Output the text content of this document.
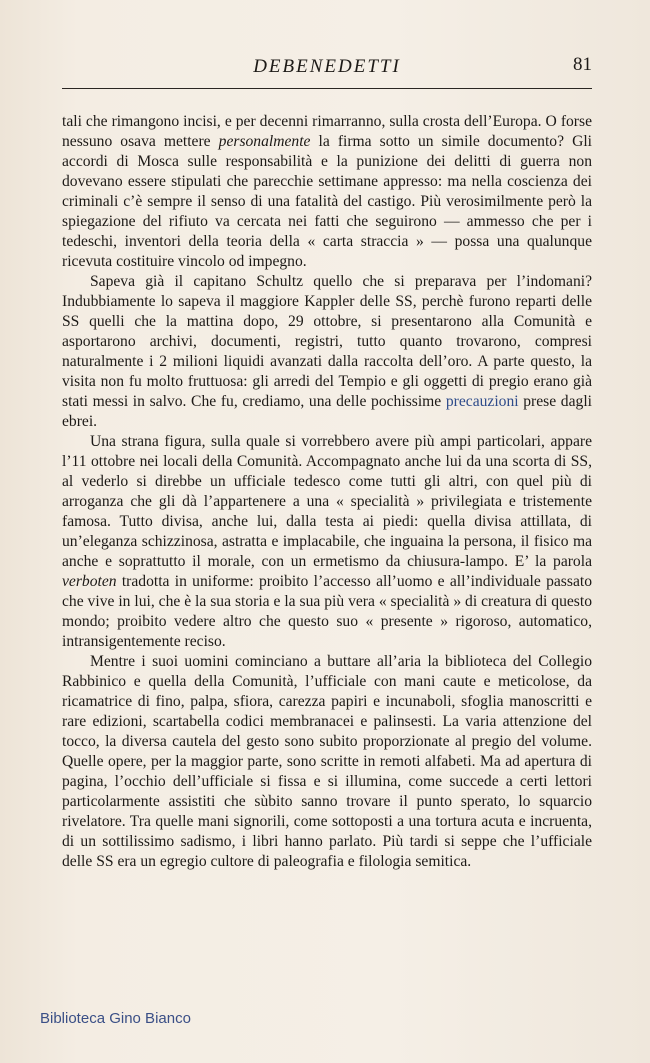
DEBENEDETTI	81

tali che rimangono incisi, e per decenni rimarranno, sulla crosta dell’Europa. O forse nessuno osava mettere personalmente la firma sotto un simile documento? Gli accordi di Mosca sulle responsabilità e la punizione dei delitti di guerra non dovevano essere stipulati che parecchie settimane appresso: ma nella coscienza dei criminali c’è sempre il senso di una fatalità del castigo. Più verosimilmente però la spiegazione del rifiuto va cercata nei fatti che seguirono — ammesso che per i tedeschi, inventori della teoria della « carta straccia » — possa una qualunque ricevuta costituire vincolo od impegno.

Sapeva già il capitano Schultz quello che si preparava per l’indomani? Indubbiamente lo sapeva il maggiore Kappler delle SS, perchè furono reparti delle SS quelli che la mattina dopo, 29 ottobre, si presentarono alla Comunità e asportarono archivi, documenti, registri, tutto quanto trovarono, compresi naturalmente i 2 milioni liquidi avanzati dalla raccolta dell’oro. A parte questo, la visita non fu molto fruttuosa: gli arredi del Tempio e gli oggetti di pregio erano già stati messi in salvo. Che fu, crediamo, una delle pochissime precauzioni prese dagli ebrei.

Una strana figura, sulla quale si vorrebbero avere più ampi particolari, appare l’11 ottobre nei locali della Comunità. Accompagnato anche lui da una scorta di SS, al vederlo si direbbe un ufficiale tedesco come tutti gli altri, con quel più di arroganza che gli dà l’appartenere a una « specialità » privilegiata e tristemente famosa. Tutto divisa, anche lui, dalla testa ai piedi: quella divisa attillata, di un’eleganza schizzinosa, astratta e implacabile, che inguaina la persona, il fisico ma anche e soprattutto il morale, con un ermetismo da chiusura-lampo. E’ la parola verboten tradotta in uniforme: proibito l’accesso all’uomo e all’individuale passato che vive in lui, che è la sua storia e la sua più vera « specialità » di creatura di questo mondo; proibito vedere altro che questo suo « presente » rigoroso, automatico, intransigentemente reciso.

Mentre i suoi uomini cominciano a buttare all’aria la biblioteca del Collegio Rabbinico e quella della Comunità, l’ufficiale con mani caute e meticolose, da ricamatrice di fino, palpa, sfiora, carezza papiri e incunaboli, sfoglia manoscritti e rare edizioni, scartabella codici membranacei e palinsesti. La varia attenzione del tocco, la diversa cautela del gesto sono subito proporzionate al pregio del volume. Quelle opere, per la maggior parte, sono scritte in remoti alfabeti. Ma ad apertura di pagina, l’occhio dell’ufficiale si fissa e si illumina, come succede a certi lettori particolarmente assistiti che sùbito sanno trovare il punto sperato, lo squarcio rivelatore. Tra quelle mani signorili, come sottoposti a una tortura acuta e incruenta, di un sottilissimo sadismo, i libri hanno parlato. Più tardi si seppe che l’ufficiale delle SS era un egregio cultore di paleografia e filologia semitica.

Biblioteca Gino Bianco
